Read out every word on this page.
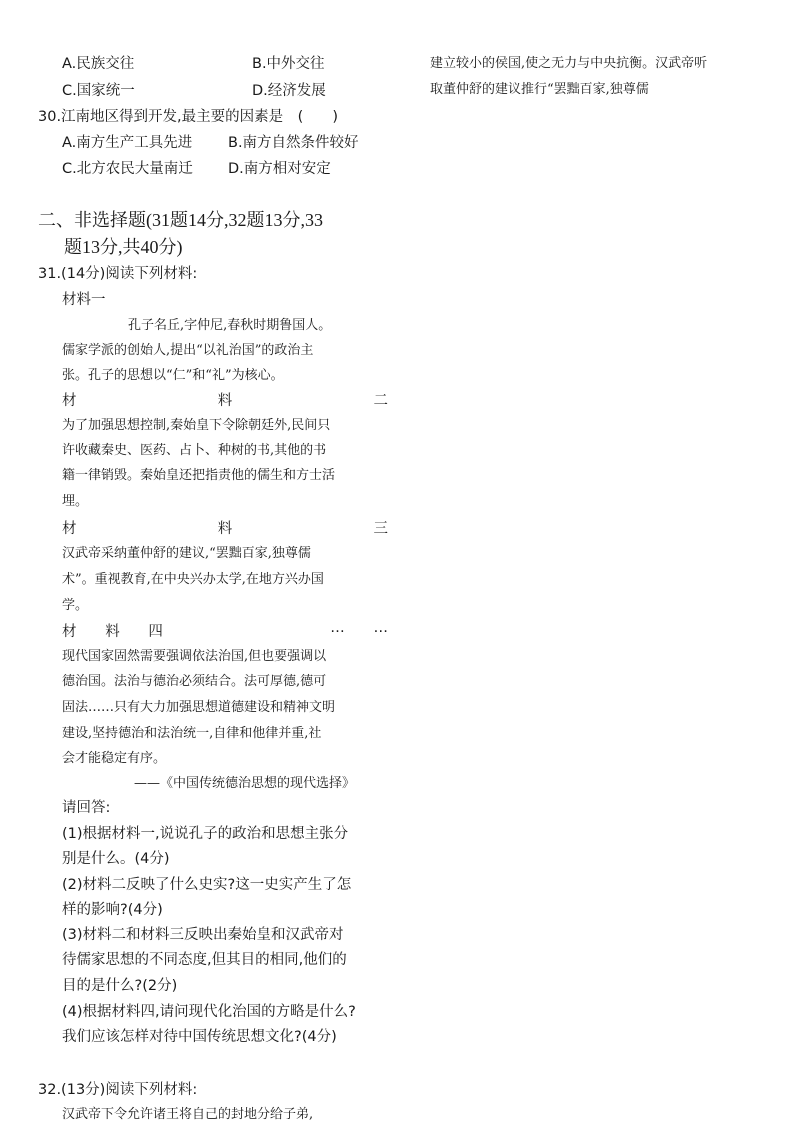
A.民族交往	B.中外交往
C.国家统一	D.经济发展
30.江南地区得到开发,最主要的因素是　(　　)
A.南方生产工具先进 B.南方自然条件较好
C.北方农民大量南迁 D.南方相对安定
二、非选择题(31题14分,32题13分,33
题13分,共40分)
31.(14分)阅读下列材料:
材料一
孔子名丘,字仲尼,春秋时期鲁国人。
儒家学派的创始人,提出“以礼治国”的政治主
张。孔子的思想以“仁”和“礼”为核心。
材	料	二
为了加强思想控制,秦始皇下令除朝廷外,民间只
许收藏秦史、医药、占卜、种树的书,其他的书
籍一律销毁。秦始皇还把指责他的儒生和方士活
埋。
材	料	三
汉武帝采纳董仲舒的建议,“罢黜百家,独尊儒
术”。重视教育,在中央兴办太学,在地方兴办国
学。
材 料 四	… …
现代国家固然需要强调依法治国,但也要强调以
德治国。法治与德治必须结合。法可厚德,德可
固法……只有大力加强思想道德建设和精神文明
建设,坚持德治和法治统一,自律和他律并重,社
会才能稳定有序。
——《中国传统德治思想的现代选择》
请回答:
(1)根据材料一,说说孔子的政治和思想主张分
别是什么。(4分)
(2)材料二反映了什么史实?这一史实产生了怎
样的影响?(4分)
(3)材料二和材料三反映出秦始皇和汉武帝对
待儒家思想的不同态度,但其目的相同,他们的
目的是什么?(2分)
(4)根据材料四,请问现代化治国的方略是什么?
我们应该怎样对待中国传统思想文化?(4分)
32.(13分)阅读下列材料:
汉武帝下令允许诸王将自己的封地分给子弟,
建立较小的侯国,使之无力与中央抗衡。汉武帝听
取董仲舒的建议推行“罢黜百家,独尊儒
